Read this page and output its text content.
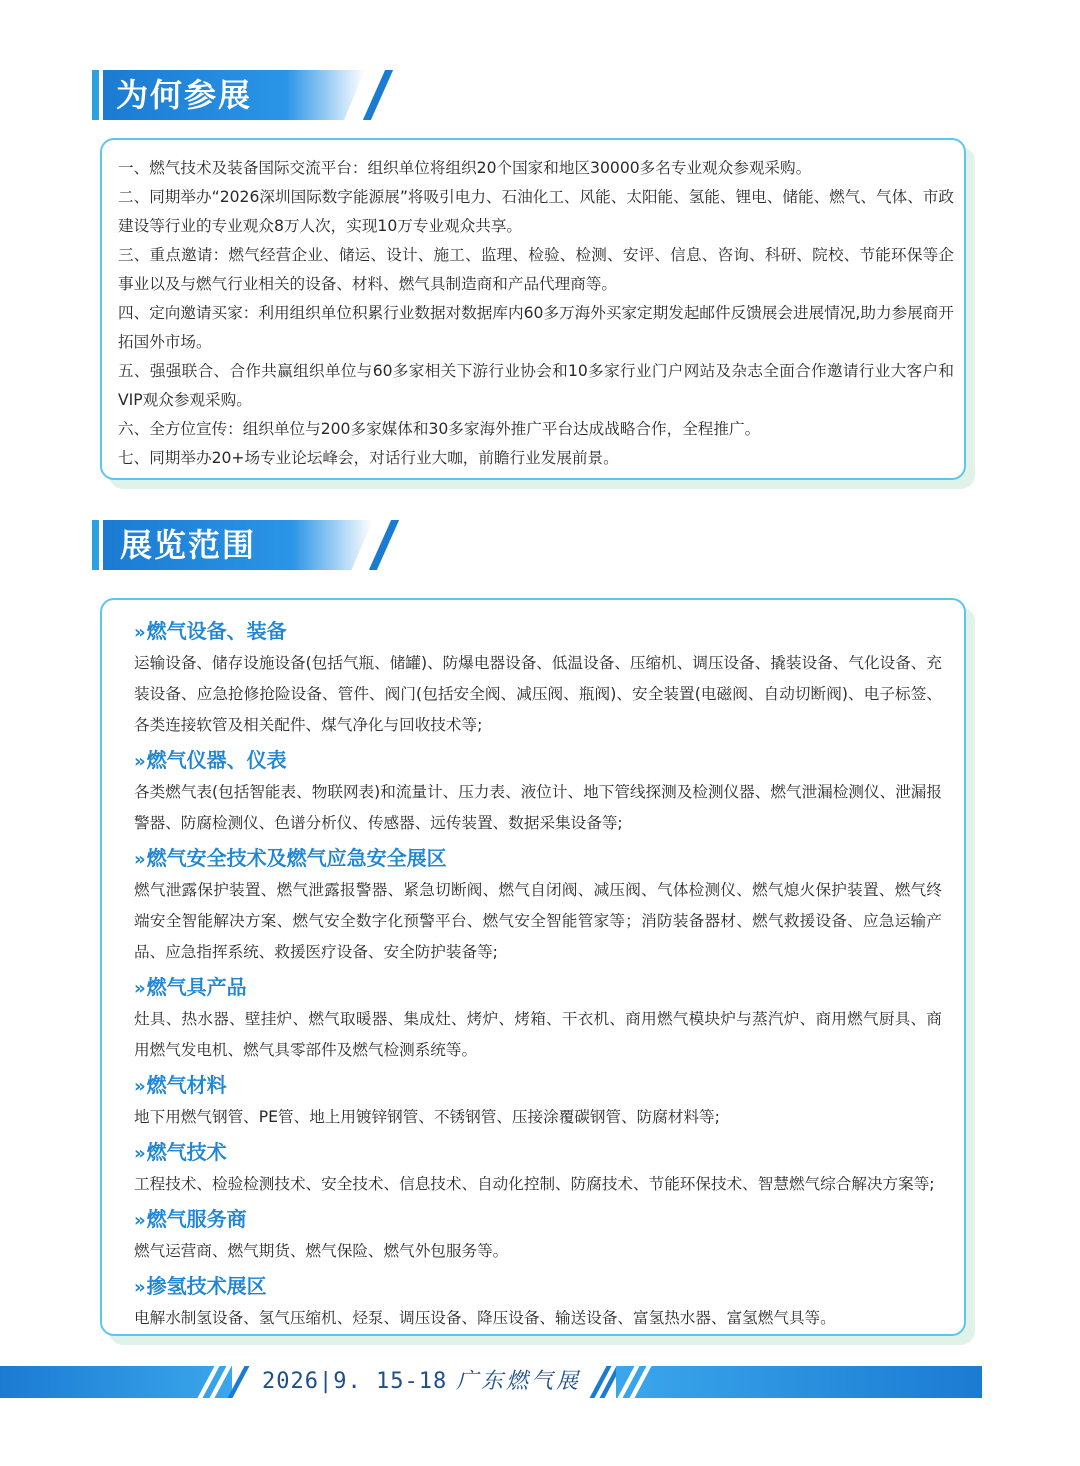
为何参展

一、燃气技术及装备国际交流平台：组织单位将组织20个国家和地区30000多名专业观众参观采购。

二、同期举办“2026深圳国际数字能源展”将吸引电力、石油化工、风能、太阳能、氢能、锂电、储能、燃气、气体、市政建设等行业的专业观众8万人次，实现10万专业观众共享。

三、重点邀请：燃气经营企业、储运、设计、施工、监理、检验、检测、安评、信息、咨询、科研、院校、节能环保等企事业以及与燃气行业相关的设备、材料、燃气具制造商和产品代理商等。

四、定向邀请买家：利用组织单位积累行业数据对数据库内60多万海外买家定期发起邮件反馈展会进展情况,助力参展商开拓国外市场。

五、强强联合、合作共赢组织单位与60多家相关下游行业协会和10多家行业门户网站及杂志全面合作邀请行业大客户和VIP观众参观采购。

六、全方位宣传：组织单位与200多家媒体和30多家海外推广平台达成战略合作，全程推广。

七、同期举办20+场专业论坛峰会，对话行业大咖，前瞻行业发展前景。

展览范围
» 燃气设备、装备

运输设备、储存设施设备(包括气瓶、储罐)、防爆电器设备、低温设备、压缩机、调压设备、撬装设备、气化设备、充装设备、应急抢修抢险设备、管件、阀门(包括安全阀、减压阀、瓶阀)、安全装置(电磁阀、自动切断阀)、电子标签、各类连接软管及相关配件、煤气净化与回收技术等;

» 燃气仪器、仪表

各类燃气表(包括智能表、物联网表)和流量计、压力表、液位计、地下管线探测及检测仪器、燃气泄漏检测仪、泄漏报警器、防腐检测仪、色谱分析仪、传感器、远传装置、数据采集设备等;

» 燃气安全技术及燃气应急安全展区

燃气泄露保护装置、燃气泄露报警器、紧急切断阀、燃气自闭阀、减压阀、气体检测仪、燃气熄火保护装置、燃气终端安全智能解决方案、燃气安全数字化预警平台、燃气安全智能管家等；消防装备器材、燃气救援设备、应急运输产品、应急指挥系统、救援医疗设备、安全防护装备等;

» 燃气具产品

灶具、热水器、壁挂炉、燃气取暖器、集成灶、烤炉、烤箱、干衣机、商用燃气模块炉与蒸汽炉、商用燃气厨具、商用燃气发电机、燃气具零部件及燃气检测系统等。

» 燃气材料

地下用燃气钢管、PE管、地上用镀锌钢管、不锈钢管、压接涂覆碳钢管、防腐材料等;

» 燃气技术

工程技术、检验检测技术、安全技术、信息技术、自动化控制、防腐技术、节能环保技术、智慧燃气综合解决方案等;

» 燃气服务商

燃气运营商、燃气期货、燃气保险、燃气外包服务等。

» 掺氢技术展区

电解水制氢设备、氢气压缩机、烃泵、调压设备、降压设备、输送设备、富氢热水器、富氢燃气具等。

2026|9. 15-18 广东燃气展
